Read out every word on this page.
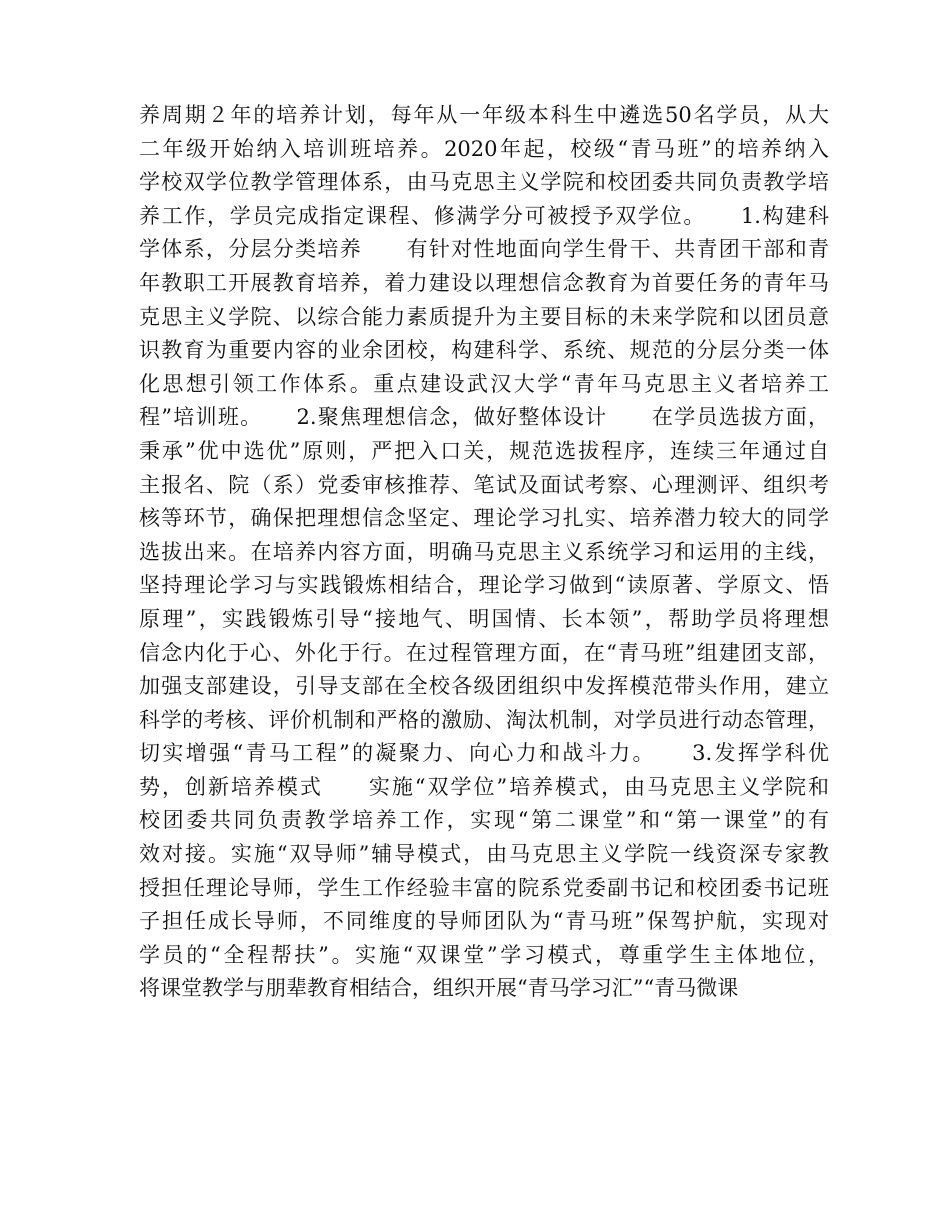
养周期２年的培养计划，每年从一年级本科生中遴选50名学员，从大
二年级开始纳入培训班培养。2020年起，校级“青马班”的培养纳入
学校双学位教学管理体系，由马克思主义学院和校团委共同负责教学培
养工作，学员完成指定课程、修满学分可被授予双学位。　　1.构建科
学体系，分层分类培养　　有针对性地面向学生骨干、共青团干部和青
年教职工开展教育培养，着力建设以理想信念教育为首要任务的青年马
克思主义学院、以综合能力素质提升为主要目标的未来学院和以团员意
识教育为重要内容的业余团校，构建科学、系统、规范的分层分类一体
化思想引领工作体系。重点建设武汉大学“青年马克思主义者培养工
程”培训班。　　2.聚焦理想信念，做好整体设计　　在学员选拔方面，
秉承”优中选优”原则，严把入口关，规范选拔程序，连续三年通过自
主报名、院（系）党委审核推荐、笔试及面试考察、心理测评、组织考
核等环节，确保把理想信念坚定、理论学习扎实、培养潜力较大的同学
选拔出来。在培养内容方面，明确马克思主义系统学习和运用的主线，
坚持理论学习与实践锻炼相结合，理论学习做到“读原著、学原文、悟
原理”，实践锻炼引导“接地气、明国情、长本领”，帮助学员将理想
信念内化于心、外化于行。在过程管理方面，在“青马班”组建团支部，
加强支部建设，引导支部在全校各级团组织中发挥模范带头作用，建立
科学的考核、评价机制和严格的激励、淘汰机制，对学员进行动态管理，
切实增强“青马工程”的凝聚力、向心力和战斗力。　　3.发挥学科优
势，创新培养模式　　实施“双学位”培养模式，由马克思主义学院和
校团委共同负责教学培养工作，实现“第二课堂”和“第一课堂”的有
效对接。实施“双导师”辅导模式，由马克思主义学院一线资深专家教
授担任理论导师，学生工作经验丰富的院系党委副书记和校团委书记班
子担任成长导师，不同维度的导师团队为“青马班”保驾护航，实现对
学员的“全程帮扶”。实施“双课堂”学习模式，尊重学生主体地位，
将课堂教学与朋辈教育相结合，组织开展“青马学习汇”“青马微课
